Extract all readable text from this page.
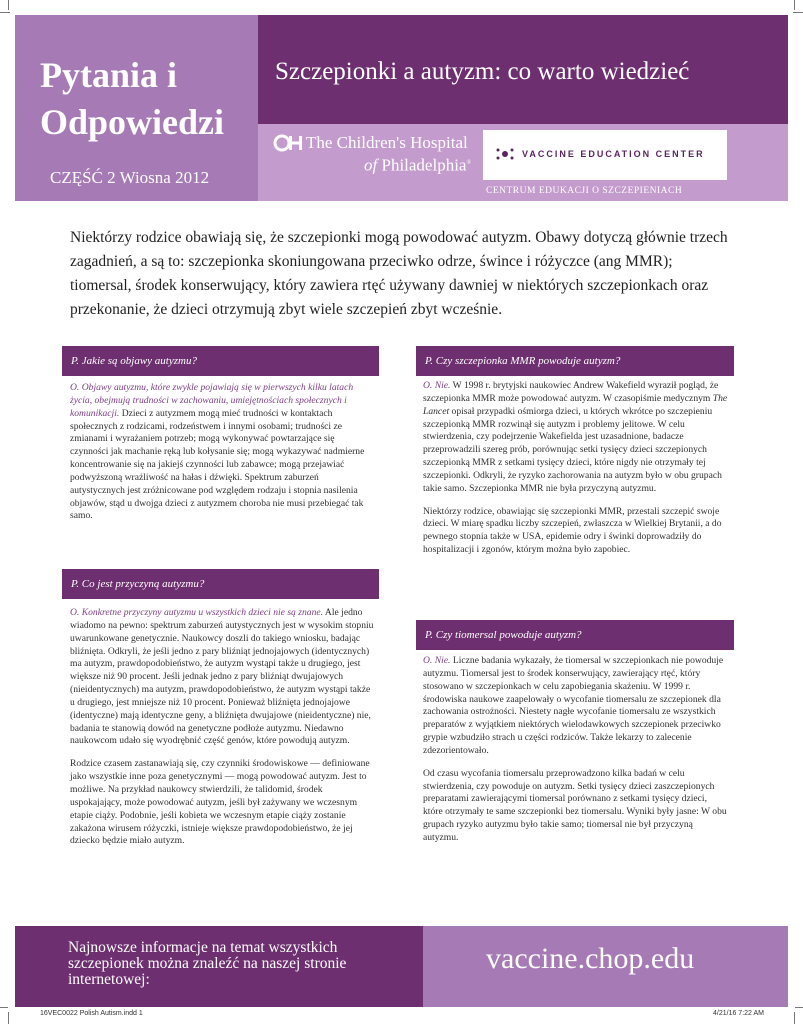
Pytania i
Odpowiedzi
CZĘŚĆ 2 Wiosna 2012
Szczepionki a autyzm: co warto wiedzieć
The Children's Hospital
of Philadelphia®
VACCINE EDUCATION CENTER
CENTRUM EDUKACJI O SZCZEPIENIACH
Niektórzy rodzice obawiają się, że szczepionki mogą powodować autyzm. Obawy dotyczą głównie trzech zagadnień, a są to: szczepionka skoniungowana przeciwko odrze, śwince i różyczce (ang MMR); tiomersal, środek konserwujący, który zawiera rtęć używany dawniej w niektórych szczepionkach oraz przekonanie, że dzieci otrzymują zbyt wiele szczepień zbyt wcześnie.
P. Jakie są objawy autyzmu?

O. Objawy autyzmu, które zwykle pojawiają się w pierwszych kilku latach życia, obejmują trudności w zachowaniu, umiejętnościach społecznych i komunikacji. Dzieci z autyzmem mogą mieć trudności w kontaktach społecznych z rodzicami, rodzeństwem i innymi osobami; trudności ze zmianami i wyrażaniem potrzeb; mogą wykonywać powtarzające się czynności jak machanie ręką lub kołysanie się; mogą wykazywać nadmierne koncentrowanie się na jakiejś czynności lub zabawce; mogą przejawiać podwyższoną wrażliwość na hałas i dźwięki. Spektrum zaburzeń autystycznych jest zróżnicowane pod względem rodzaju i stopnia nasilenia objawów, stąd u dwojga dzieci z autyzmem choroba nie musi przebiegać tak samo.

P. Co jest przyczyną autyzmu?

O. Konkretne przyczyny autyzmu u wszystkich dzieci nie są znane. Ale jedno wiadomo na pewno: spektrum zaburzeń autystycznych jest w wysokim stopniu uwarunkowane genetycznie. Naukowcy doszli do takiego wniosku, badając bliźnięta. Odkryli, że jeśli jedno z pary bliźniąt jednojajowych (identycznych) ma autyzm, prawdopodobieństwo, że autyzm wystąpi także u drugiego, jest większe niż 90 procent. Jeśli jednak jedno z pary bliźniąt dwujajowych (nieidentycznych) ma autyzm, prawdopodobieństwo, że autyzm wystąpi także u drugiego, jest mniejsze niż 10 procent. Ponieważ bliźnięta jednojajowe (identyczne) mają identyczne geny, a bliźnięta dwujajowe (nieidentyczne) nie, badania te stanowią dowód na genetyczne podłoże autyzmu. Niedawno naukowcom udało się wyodrębnić część genów, które powodują autyzm.

Rodzice czasem zastanawiają się, czy czynniki środowiskowe — definiowane jako wszystkie inne poza genetycznymi — mogą powodować autyzm. Jest to możliwe. Na przykład naukowcy stwierdzili, że talidomid, środek uspokajający, może powodować autyzm, jeśli był zażywany we wczesnym etapie ciąży. Podobnie, jeśli kobieta we wczesnym etapie ciąży zostanie zakażona wirusem różyczki, istnieje większe prawdopodobieństwo, że jej dziecko będzie miało autyzm.

P. Czy szczepionka MMR powoduje autyzm?

O. Nie. W 1998 r. brytyjski naukowiec Andrew Wakefield wyraził pogląd, że szczepionka MMR może powodować autyzm. W czasopiśmie medycznym The Lancet opisał przypadki ośmiorga dzieci, u których wkrótce po szczepieniu szczepionką MMR rozwinął się autyzm i problemy jelitowe. W celu stwierdzenia, czy podejrzenie Wakefielda jest uzasadnione, badacze przeprowadzili szereg prób, porównując setki tysięcy dzieci szczepionych szczepionką MMR z setkami tysięcy dzieci, które nigdy nie otrzymały tej szczepionki. Odkryli, że ryzyko zachorowania na autyzm było w obu grupach takie samo. Szczepionka MMR nie była przyczyną autyzmu.

Niektórzy rodzice, obawiając się szczepionki MMR, przestali szczepić swoje dzieci. W miarę spadku liczby szczepień, zwłaszcza w Wielkiej Brytanii, a do pewnego stopnia także w USA, epidemie odry i świnki doprowadziły do hospitalizacji i zgonów, którym można było zapobiec.

P. Czy tiomersal powoduje autyzm?

O. Nie. Liczne badania wykazały, że tiomersal w szczepionkach nie powoduje autyzmu. Tiomersal jest to środek konserwujący, zawierający rtęć, który stosowano w szczepionkach w celu zapobiegania skażeniu. W 1999 r. środowiska naukowe zaapelowały o wycofanie tiomersalu ze szczepionek dla zachowania ostrożności. Niestety nagłe wycofanie tiomersalu ze wszystkich preparatów z wyjątkiem niektórych wielodawkowych szczepionek przeciwko grypie wzbudziło strach u części rodziców. Także lekarzy to zalecenie zdezorientowało.

Od czasu wycofania tiomersalu przeprowadzono kilka badań w celu stwierdzenia, czy powoduje on autyzm. Setki tysięcy dzieci zaszczepionych preparatami zawierającymi tiomersal porównano z setkami tysięcy dzieci, które otrzymały te same szczepionki bez tiomersalu. Wyniki były jasne: W obu grupach ryzyko autyzmu było takie samo; tiomersal nie był przyczyną autyzmu.

Najnowsze informacje na temat wszystkich szczepionek można znaleźć na naszej stronie internetowej:
vaccine.chop.edu
16VEC0022 Polish Autism.indd 1	4/21/16 7:22 AM
